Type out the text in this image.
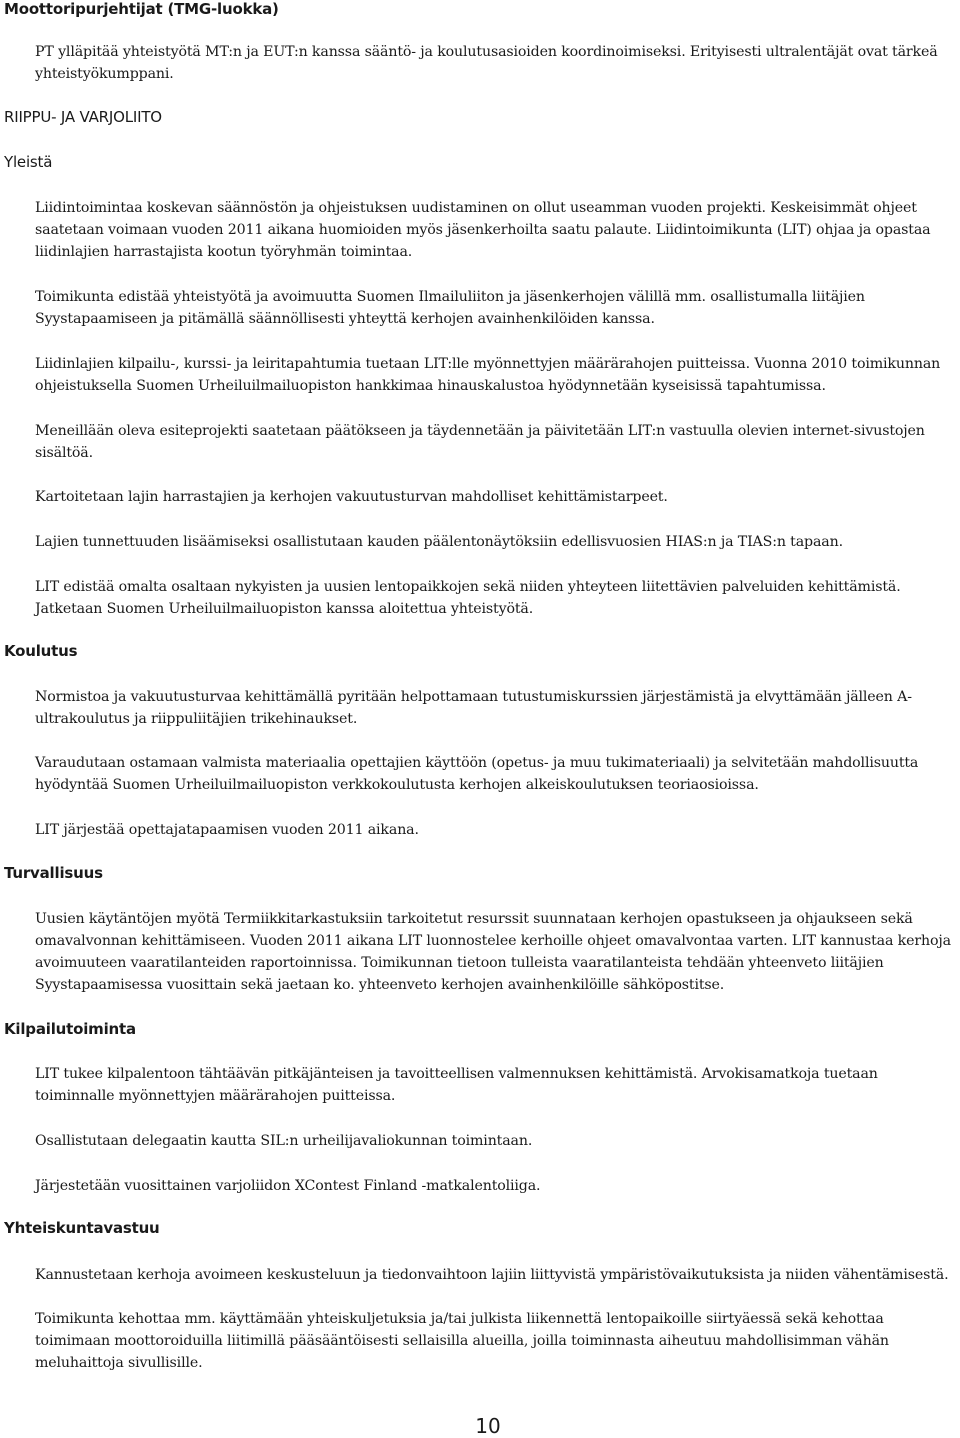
Moottoripurjehtijat (TMG-luokka)

PT ylläpitää yhteistyötä MT:n ja EUT:n kanssa sääntö- ja koulutusasioiden koordinoimiseksi. Erityisesti ultralentäjät ovat tärkeä yhteistyökumppani.

RIIPPU- JA VARJOLIITO
Yleistä

Liidintoimintaa koskevan säännöstön ja ohjeistuksen uudistaminen on ollut useamman vuoden projekti. Keskeisimmät ohjeet saatetaan voimaan vuoden 2011 aikana huomioiden myös jäsenkerhoilta saatu palaute. Liidintoimikunta (LIT) ohjaa ja opastaa liidinlajien harrastajista kootun työryhmän toimintaa.

Toimikunta edistää yhteistyötä ja avoimuutta Suomen Ilmailuliiton ja jäsenkerhojen välillä mm. osallistumalla liitäjien Syystapaamiseen ja pitämällä säännöllisesti yhteyttä kerhojen avainhenkilöiden kanssa.

Liidinlajien kilpailu-, kurssi- ja leiritapahtumia tuetaan LIT:lle myönnettyjen määrärahojen puitteissa. Vuonna 2010 toimikunnan ohjeistuksella Suomen Urheiluilmailuopiston hankkimaa hinauskalustoa hyödynnetään kyseisissä tapahtumissa.

Meneillään oleva esiteprojekti saatetaan päätökseen ja täydennetään ja päivitetään LIT:n vastuulla olevien internet-sivustojen sisältöä.

Kartoitetaan lajin harrastajien ja kerhojen vakuutusturvan mahdolliset kehittämistarpeet.

Lajien tunnettuuden lisäämiseksi osallistutaan kauden päälentonäytöksiin edellisvuosien HIAS:n ja TIAS:n tapaan.

LIT edistää omalta osaltaan nykyisten ja uusien lentopaikkojen sekä niiden yhteyteen liitettävien palveluiden kehittämistä. Jatketaan Suomen Urheiluilmailuopiston kanssa aloitettua yhteistyötä.

Koulutus

Normistoa ja vakuutusturvaa kehittämällä pyritään helpottamaan tutustumiskurssien järjestämistä ja elvyttämään jälleen A-ultrakoulutus ja riippuliitäjien trikehinaukset.

Varaudutaan ostamaan valmista materiaalia opettajien käyttöön (opetus- ja muu tukimateriaali) ja selvitetään mahdollisuutta hyödyntää Suomen Urheiluilmailuopiston verkkokoulutusta kerhojen alkeiskoulutuksen teoriaosioissa.

LIT järjestää opettajatapaamisen vuoden 2011 aikana.

Turvallisuus

Uusien käytäntöjen myötä Termiikkitarkastuksiin tarkoitetut resurssit suunnataan kerhojen opastukseen ja ohjaukseen sekä omavalvonnan kehittämiseen. Vuoden 2011 aikana LIT luonnostelee kerhoille ohjeet omavalvontaa varten. LIT kannustaa kerhoja avoimuuteen vaaratilanteiden raportoinnissa. Toimikunnan tietoon tulleista vaaratilanteista tehdään yhteenveto liitäjien Syystapaamisessa vuosittain sekä jaetaan ko. yhteenveto kerhojen avainhenkilöille sähköpostitse.

Kilpailutoiminta

LIT tukee kilpalentoon tähtäävän pitkäjänteisen ja tavoitteellisen valmennuksen kehittämistä. Arvokisamatkoja tuetaan toiminnalle myönnettyjen määrärahojen puitteissa.

Osallistutaan delegaatin kautta SIL:n urheilijavaliokunnan toimintaan.

Järjestetään vuosittainen varjoliidon XContest Finland -matkalentoliiga.

Yhteiskuntavastuu

Kannustetaan kerhoja avoimeen keskusteluun ja tiedonvaihtoon lajiin liittyvistä ympäristövaikutuksista ja niiden vähentämisestä.

Toimikunta kehottaa mm. käyttämään yhteiskuljetuksia ja/tai julkista liikennettä lentopaikoille siirtyäessä sekä kehottaa toimimaan moottoroiduilla liitimillä pääsääntöisesti sellaisilla alueilla, joilla toiminnasta aiheutuu mahdollisimman vähän meluhaittoja sivullisille.

10
